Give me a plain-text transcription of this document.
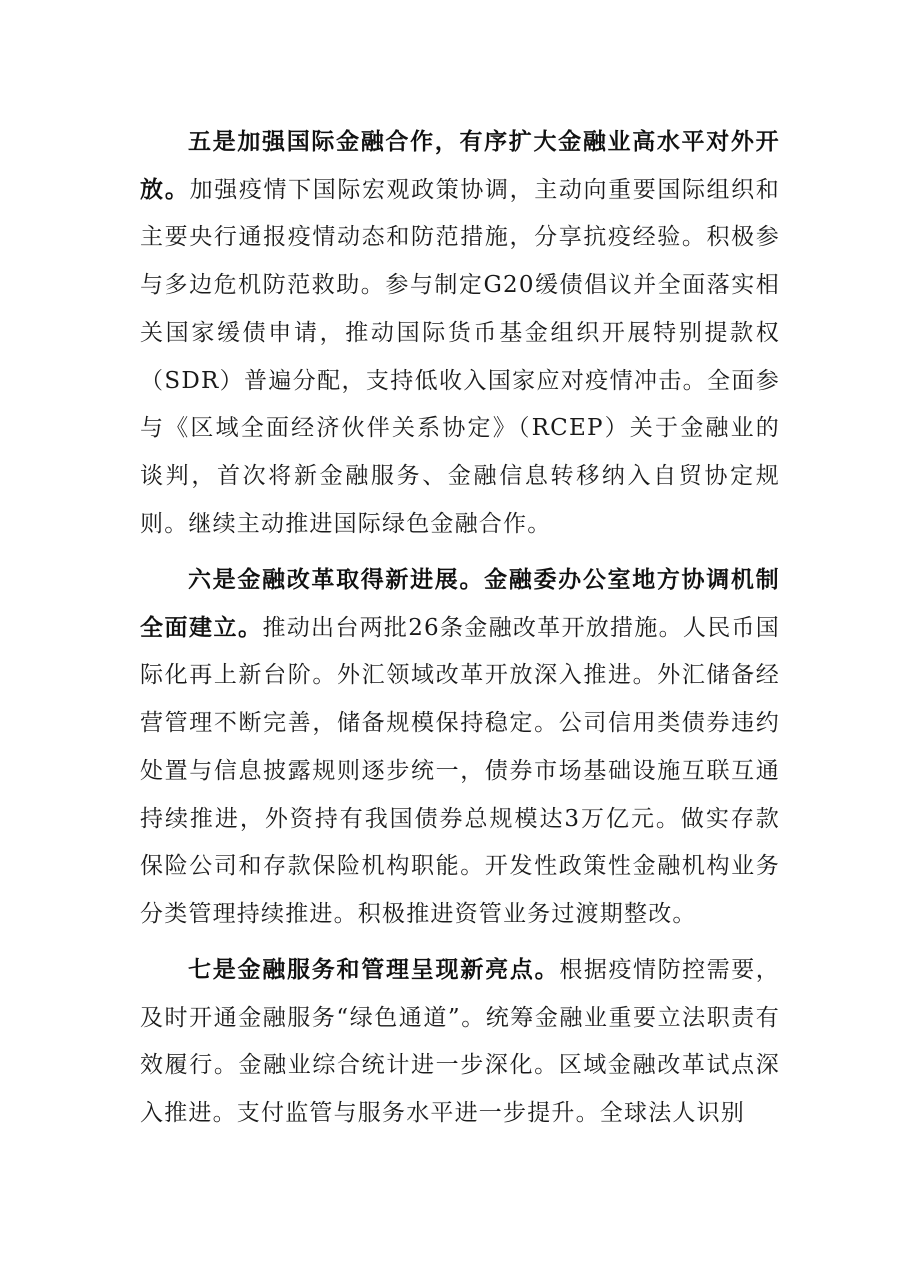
五是加强国际金融合作，有序扩大金融业高水平对外开放。加强疫情下国际宏观政策协调，主动向重要国际组织和主要央行通报疫情动态和防范措施，分享抗疫经验。积极参与多边危机防范救助。参与制定G20缓债倡议并全面落实相关国家缓债申请，推动国际货币基金组织开展特别提款权（SDR）普遍分配，支持低收入国家应对疫情冲击。全面参与《区域全面经济伙伴关系协定》（RCEP）关于金融业的谈判，首次将新金融服务、金融信息转移纳入自贸协定规则。继续主动推进国际绿色金融合作。

六是金融改革取得新进展。金融委办公室地方协调机制全面建立。推动出台两批26条金融改革开放措施。人民币国际化再上新台阶。外汇领域改革开放深入推进。外汇储备经营管理不断完善，储备规模保持稳定。公司信用类债券违约处置与信息披露规则逐步统一，债券市场基础设施互联互通持续推进，外资持有我国债券总规模达3万亿元。做实存款保险公司和存款保险机构职能。开发性政策性金融机构业务分类管理持续推进。积极推进资管业务过渡期整改。

七是金融服务和管理呈现新亮点。根据疫情防控需要，及时开通金融服务“绿色通道”。统筹金融业重要立法职责有效履行。金融业综合统计进一步深化。区域金融改革试点深入推进。支付监管与服务水平进一步提升。全球法人识别
